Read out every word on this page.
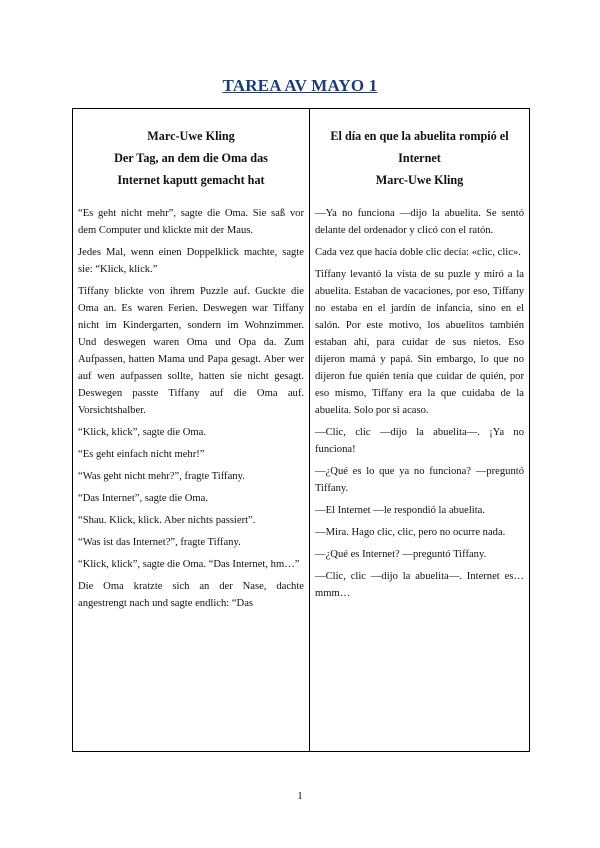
TAREA AV MAYO 1
Marc-Uwe Kling
Der Tag, an dem die Oma das
Internet kaputt gemacht hat

“Es geht nicht mehr”, sagte die Oma. Sie saß vor dem Computer und klickte mit der Maus.

Jedes Mal, wenn einen Doppelklick machte, sagte sie: “Klick, klick.”

Tiffany blickte von ihrem Puzzle auf. Guckte die Oma an. Es waren Ferien. Deswegen war Tiffany nicht im Kindergarten, sondern im Wohnzimmer. Und deswegen waren Oma und Opa da. Zum Aufpassen, hatten Mama und Papa gesagt. Aber wer auf wen aufpassen sollte, hatten sie nicht gesagt. Deswegen passte Tiffany auf die Oma auf. Vorsichtshalber.

“Klick, klick”, sagte die Oma.

“Es geht einfach nicht mehr!”

“Was geht nicht mehr?”, fragte Tiffany.

“Das Internet”, sagte die Oma.

“Shau. Klick, klick. Aber nichts passiert”.

“Was ist das Internet?”, fragte Tiffany.

“Klick, klick”, sagte die Oma. “Das Internet, hm…”

Die Oma kratzte sich an der Nase, dachte angestrengt nach und sagte endlich: “Das

El día en que la abuelita rompió el
Internet
Marc-Uwe Kling

—Ya no funciona —dijo la abuelita. Se sentó delante del ordenador y clicó con el ratón.

Cada vez que hacía doble clic decía: «clic, clic».

Tiffany levantó la vista de su puzle y miró a la abuelita. Estaban de vacaciones, por eso, Tiffany no estaba en el jardín de infancia, sino en el salón. Por este motivo, los abuelitos también estaban ahí, para cuidar de sus nietos. Eso dijeron mamá y papá. Sin embargo, lo que no dijeron fue quién tenía que cuidar de quién, por eso mismo, Tiffany era la que cuidaba de la abuelita. Solo por si acaso.

—Clic, clic —dijo la abuelita—. ¡Ya no funciona!

—¿Qué es lo que ya no funciona? —preguntó Tiffany.

—El Internet —le respondió la abuelita.

—Mira. Hago clic, clic, pero no ocurre nada.

—¿Qué es Internet? —preguntó Tiffany.

—Clic, clic —dijo la abuelita—. Internet es… mmm…

1
